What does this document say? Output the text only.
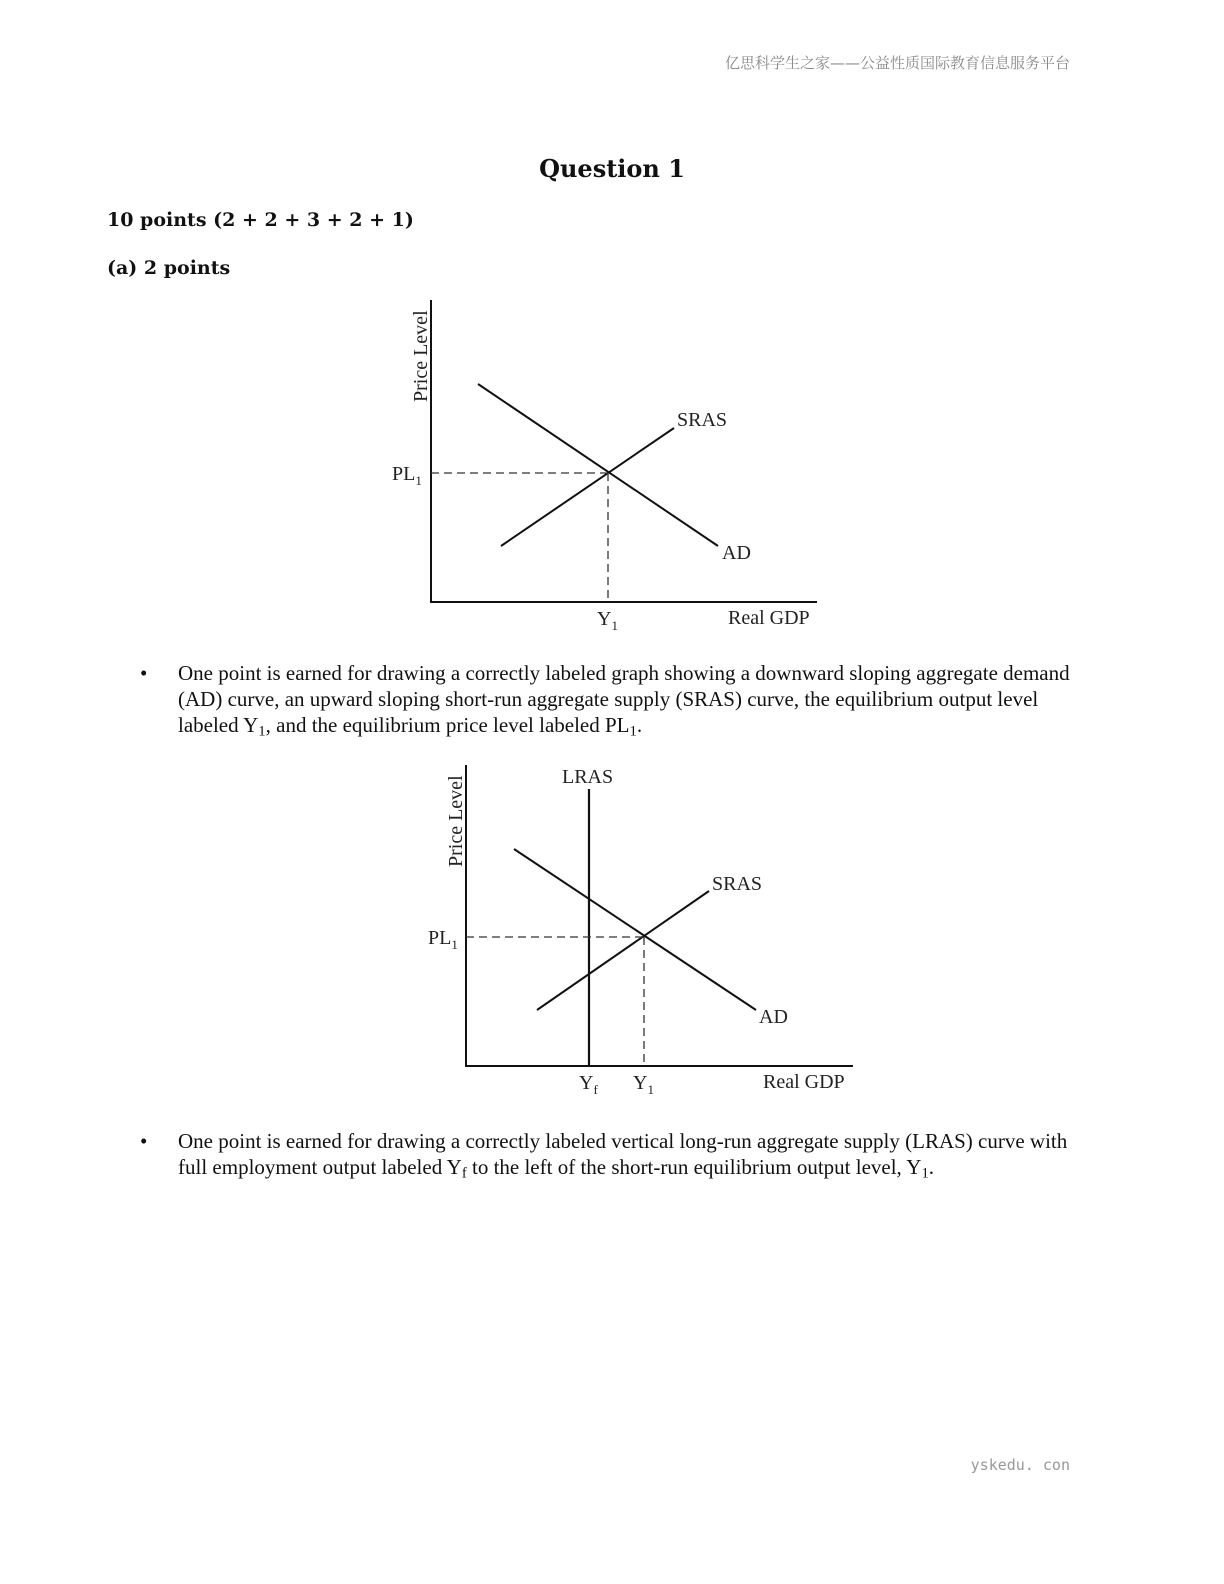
亿思科学生之家——公益性质国际教育信息服务平台
Question 1
10 points (2 + 2 + 3 + 2 + 1)
(a) 2 points
Price Level
$PL_1$
$Y_1$	Real GDP
SRAS
AD
• One point is earned for drawing a correctly labeled graph showing a downward sloping aggregate demand (AD) curve, an upward sloping short-run aggregate supply (SRAS) curve, the equilibrium output level labeled $Y_1$, and the equilibrium price level labeled $PL_1$.
LRAS
Price Level
$PL_1$
$Y_f$ $Y_1$	Real GDP
SRAS
AD
• One point is earned for drawing a correctly labeled vertical long-run aggregate supply (LRAS) curve with full employment output labeled $Y_f$ to the left of the short-run equilibrium output level, $Y_1$.
yskedu. con
